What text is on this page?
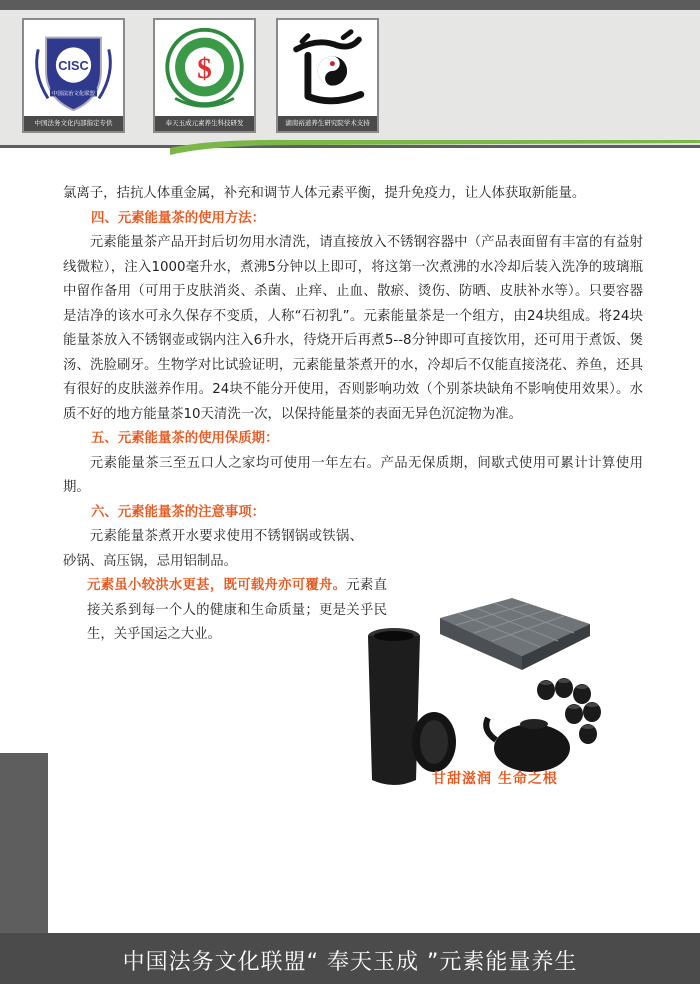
CISC
中国法治文化联盟
中国法务文化内部指定专供
$
奉天玉成元素养生科技研发	湖南裕道养生研究院学术支持

氯离子，拮抗人体重金属，补充和调节人体元素平衡，提升免疫力，让人体获取新能量。

四、元素能量茶的使用方法：

元素能量茶产品开封后切勿用水清洗，请直接放入不锈钢容器中（产品表面留有丰富的有益射线微粒），注入1000毫升水，煮沸5分钟以上即可，将这第一次煮沸的水冷却后装入洗净的玻璃瓶中留作备用（可用于皮肤消炎、杀菌、止痒、止血、散瘀、烫伤、防晒、皮肤补水等）。只要容器是洁净的该水可永久保存不变质，人称“石初乳”。元素能量茶是一个组方，由24块组成。将24块能量茶放入不锈钢壶或锅内注入6升水，待烧开后再煮5--8分钟即可直接饮用，还可用于煮饭、煲汤、洗脸刷牙。生物学对比试验证明，元素能量茶煮开的水，冷却后不仅能直接浇花、养鱼，还具有很好的皮肤滋养作用。24块不能分开使用，否则影响功效（个别茶块缺角不影响使用效果）。水质不好的地方能量茶10天清洗一次，以保持能量茶的表面无异色沉淀物为准。

五、元素能量茶的使用保质期：

元素能量茶三至五口人之家均可使用一年左右。产品无保质期，间歇式使用可累计计算使用期。

六、元素能量茶的注意事项：

元素能量茶煮开水要求使用不锈钢锅或铁锅、砂锅、高压锅，忌用铝制品。

元素虽小较洪水更甚，既可载舟亦可覆舟。元素直接关系到每一个人的健康和生命质量；更是关乎民生，关乎国运之大业。

甘甜滋润 生命之根
中国法务文化联盟“ 奉天玉成 ”元素能量养生
